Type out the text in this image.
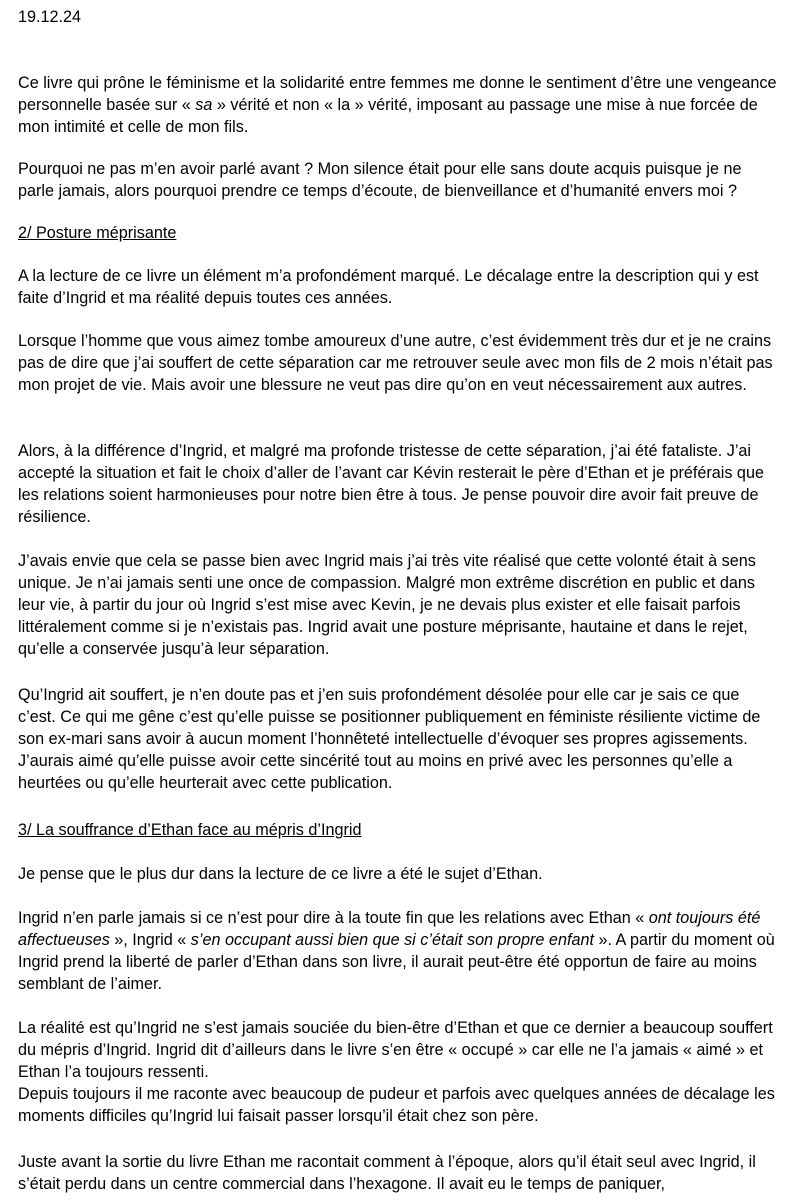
19.12.24

Ce livre qui prône le féminisme et la solidarité entre femmes me donne le sentiment d’être une vengeance personnelle basée sur « sa » vérité et non « la » vérité, imposant au passage une mise à nue forcée de mon intimité et celle de mon fils.

Pourquoi ne pas m’en avoir parlé avant ? Mon silence était pour elle sans doute acquis puisque je ne parle jamais, alors pourquoi prendre ce temps d’écoute, de bienveillance et d’humanité envers moi ?

2/ Posture méprisante

A la lecture de ce livre un élément m’a profondément marqué. Le décalage entre la description qui y est faite d’Ingrid et ma réalité depuis toutes ces années.

Lorsque l’homme que vous aimez tombe amoureux d’une autre, c’est évidemment très dur et je ne crains pas de dire que j’ai souffert de cette séparation car me retrouver seule avec mon fils de 2 mois n’était pas mon projet de vie. Mais avoir une blessure ne veut pas dire qu’on en veut nécessairement aux autres.

Alors, à la différence d’Ingrid, et malgré ma profonde tristesse de cette séparation, j’ai été fataliste. J’ai accepté la situation et fait le choix d’aller de l’avant car Kévin resterait le père d’Ethan et je préférais que les relations soient harmonieuses pour notre bien être à tous. Je pense pouvoir dire avoir fait preuve de résilience.

J’avais envie que cela se passe bien avec Ingrid mais j’ai très vite réalisé que cette volonté était à sens unique. Je n’ai jamais senti une once de compassion. Malgré mon extrême discrétion en public et dans leur vie, à partir du jour où Ingrid s’est mise avec Kevin, je ne devais plus exister et elle faisait parfois littéralement comme si je n’existais pas. Ingrid avait une posture méprisante, hautaine et dans le rejet, qu’elle a conservée jusqu’à leur séparation.

Qu’Ingrid ait souffert, je n’en doute pas et j’en suis profondément désolée pour elle car je sais ce que c’est. Ce qui me gêne c’est qu’elle puisse se positionner publiquement en féministe résiliente victime de son ex-mari sans avoir à aucun moment l’honnêteté intellectuelle d’évoquer ses propres agissements. J’aurais aimé qu’elle puisse avoir cette sincérité tout au moins en privé avec les personnes qu’elle a heurtées ou qu’elle heurterait avec cette publication.

3/ La souffrance d’Ethan face au mépris d’Ingrid

Je pense que le plus dur dans la lecture de ce livre a été le sujet d’Ethan.

Ingrid n’en parle jamais si ce n’est pour dire à la toute fin que les relations avec Ethan « ont toujours été affectueuses », Ingrid « s’en occupant aussi bien que si c’était son propre enfant ». A partir du moment où Ingrid prend la liberté de parler d’Ethan dans son livre, il aurait peut-être été opportun de faire au moins semblant de l’aimer.

La réalité est qu’Ingrid ne s’est jamais souciée du bien-être d’Ethan et que ce dernier a beaucoup souffert du mépris d’Ingrid. Ingrid dit d’ailleurs dans le livre s’en être « occupé » car elle ne l’a jamais « aimé » et Ethan l’a toujours ressenti.
Depuis toujours il me raconte avec beaucoup de pudeur et parfois avec quelques années de décalage les moments difficiles qu’Ingrid lui faisait passer lorsqu’il était chez son père.

Juste avant la sortie du livre Ethan me racontait comment à l’époque, alors qu’il était seul avec Ingrid, il s’était perdu dans un centre commercial dans l’hexagone. Il avait eu le temps de paniquer,
